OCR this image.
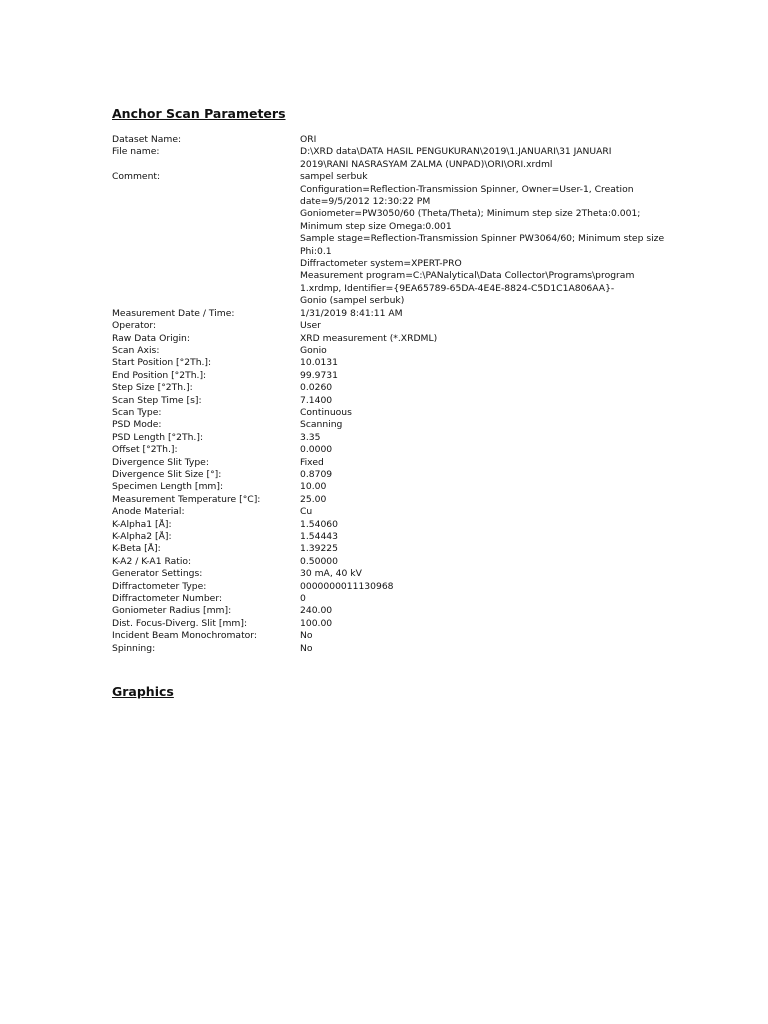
Anchor Scan Parameters
Dataset Name:	ORI
File name:	D:\XRD data\DATA HASIL PENGUKURAN\2019\1.JANUARI\31 JANUARI
2019\RANI NASRASYAM ZALMA (UNPAD)\ORI\ORI.xrdml
Comment:	sampel serbuk
Configuration=Reflection-Transmission Spinner, Owner=User-1, Creation
date=9/5/2012 12:30:22 PM
Goniometer=PW3050/60 (Theta/Theta); Minimum step size 2Theta:0.001;
Minimum step size Omega:0.001
Sample stage=Reflection-Transmission Spinner PW3064/60; Minimum step size
Phi:0.1
Diffractometer system=XPERT-PRO
Measurement program=C:\PANalytical\Data Collector\Programs\program
1.xrdmp, Identifier={9EA65789-65DA-4E4E-8824-C5D1C1A806AA}-
Gonio (sampel serbuk)
Measurement Date / Time:	1/31/2019 8:41:11 AM
Operator:	User
Raw Data Origin:	XRD measurement (*.XRDML)
Scan Axis:	Gonio
Start Position [°2Th.]:	10.0131
End Position [°2Th.]:	99.9731
Step Size [°2Th.]:	0.0260
Scan Step Time [s]:	7.1400
Scan Type:	Continuous
PSD Mode:	Scanning
PSD Length [°2Th.]:	3.35
Offset [°2Th.]:	0.0000
Divergence Slit Type:	Fixed
Divergence Slit Size [°]:	0.8709
Specimen Length [mm]:	10.00
Measurement Temperature [°C]:	25.00
Anode Material:	Cu
K-Alpha1 [Å]:	1.54060
K-Alpha2 [Å]:	1.54443
K-Beta [Å]:	1.39225
K-A2 / K-A1 Ratio:	0.50000
Generator Settings:	30 mA, 40 kV
Diffractometer Type:	0000000011130968
Diffractometer Number:	0
Goniometer Radius [mm]:	240.00
Dist. Focus-Diverg. Slit [mm]:	100.00
Incident Beam Monochromator:	No
Spinning:	No
Graphics
